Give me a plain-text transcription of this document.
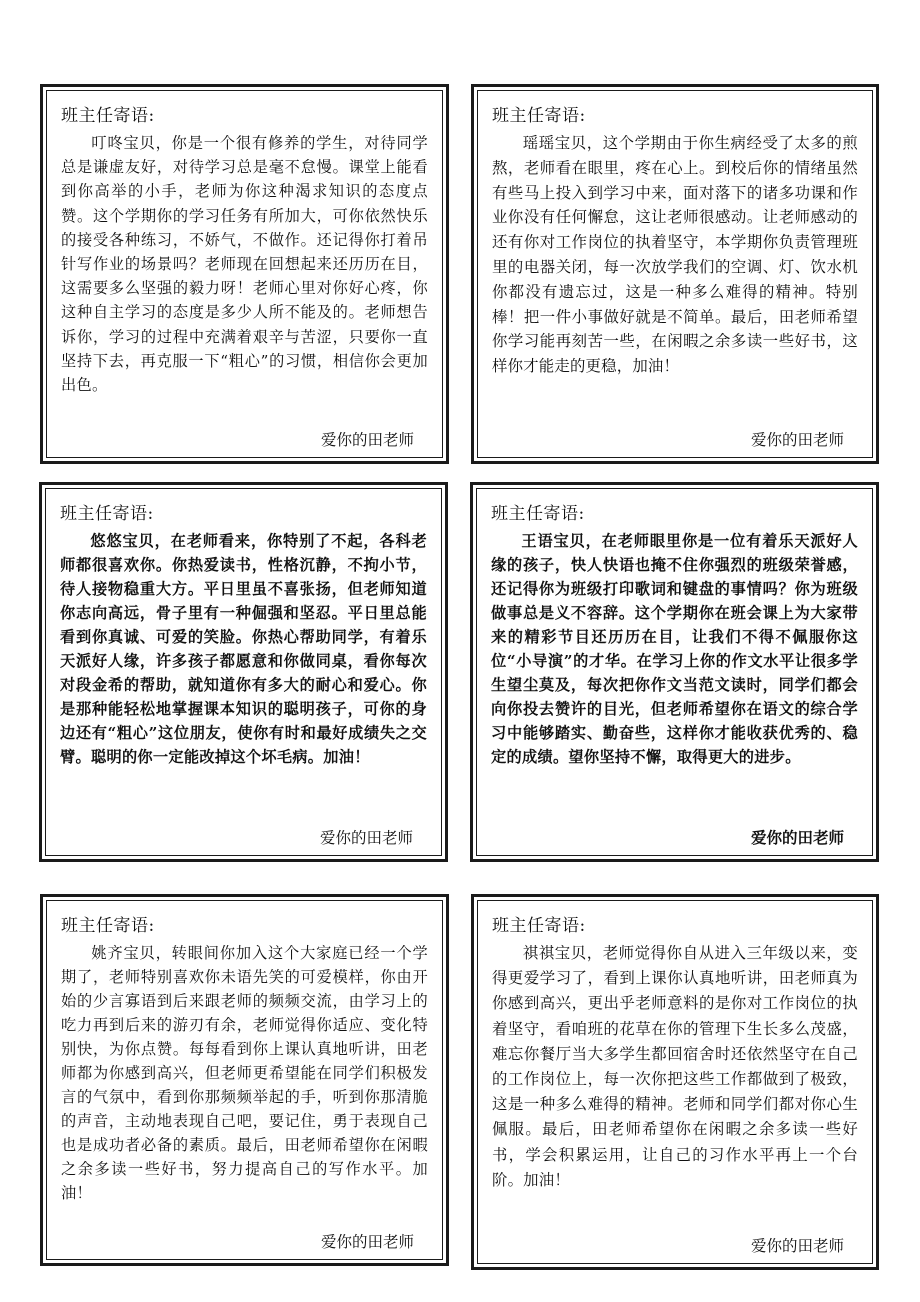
班主任寄语:

叮咚宝贝，你是一个很有修养的学生，对待同学总是谦虚友好，对待学习总是毫不怠慢。课堂上能看到你高举的小手，老师为你这种渴求知识的态度点赞。这个学期你的学习任务有所加大，可你依然快乐的接受各种练习，不娇气，不做作。还记得你打着吊针写作业的场景吗？老师现在回想起来还历历在目，这需要多么坚强的毅力呀！老师心里对你好心疼，你这种自主学习的态度是多少人所不能及的。老师想告诉你，学习的过程中充满着艰辛与苦涩，只要你一直坚持下去，再克服一下“粗心”的习惯，相信你会更加出色。

爱你的田老师

班主任寄语:

瑶瑶宝贝，这个学期由于你生病经受了太多的煎熬，老师看在眼里，疼在心上。到校后你的情绪虽然有些马上投入到学习中来，面对落下的诸多功课和作业你没有任何懈怠，这让老师很感动。让老师感动的还有你对工作岗位的执着坚守，本学期你负责管理班里的电器关闭，每一次放学我们的空调、灯、饮水机你都没有遗忘过，这是一种多么难得的精神。特别棒！把一件小事做好就是不简单。最后，田老师希望你学习能再刻苦一些，在闲暇之余多读一些好书，这样你才能走的更稳，加油！

爱你的田老师

班主任寄语:

悠悠宝贝，在老师看来，你特别了不起，各科老师都很喜欢你。你热爱读书，性格沉静，不拘小节，待人接物稳重大方。平日里虽不喜张扬，但老师知道你志向高远，骨子里有一种倔强和坚忍。平日里总能看到你真诚、可爱的笑脸。你热心帮助同学，有着乐天派好人缘，许多孩子都愿意和你做同桌，看你每次对段金希的帮助，就知道你有多大的耐心和爱心。你是那种能轻松地掌握课本知识的聪明孩子，可你的身边还有“粗心”这位朋友，使你有时和最好成绩失之交臂。聪明的你一定能改掉这个坏毛病。加油！

爱你的田老师

班主任寄语:

王语宝贝，在老师眼里你是一位有着乐天派好人缘的孩子，快人快语也掩不住你强烈的班级荣誉感，还记得你为班级打印歌词和键盘的事情吗？你为班级做事总是义不容辞。这个学期你在班会课上为大家带来的精彩节目还历历在目，让我们不得不佩服你这位“小导演”的才华。在学习上你的作文水平让很多学生望尘莫及，每次把你作文当范文读时，同学们都会向你投去赞许的目光，但老师希望你在语文的综合学习中能够踏实、勤奋些，这样你才能收获优秀的、稳定的成绩。望你坚持不懈，取得更大的进步。

爱你的田老师

班主任寄语:

姚齐宝贝，转眼间你加入这个大家庭已经一个学期了，老师特别喜欢你未语先笑的可爱模样，你由开始的少言寡语到后来跟老师的频频交流，由学习上的吃力再到后来的游刃有余，老师觉得你适应、变化特别快，为你点赞。每每看到你上课认真地听讲，田老师都为你感到高兴，但老师更希望能在同学们积极发言的气氛中，看到你那频频举起的手，听到你那清脆的声音，主动地表现自己吧，要记住，勇于表现自己也是成功者必备的素质。最后，田老师希望你在闲暇之余多读一些好书，努力提高自己的写作水平。加油！

爱你的田老师

班主任寄语:

祺祺宝贝，老师觉得你自从进入三年级以来，变得更爱学习了，看到上课你认真地听讲，田老师真为你感到高兴，更出乎老师意料的是你对工作岗位的执着坚守，看咱班的花草在你的管理下生长多么茂盛，难忘你餐厅当大多学生都回宿舍时还依然坚守在自己的工作岗位上，每一次你把这些工作都做到了极致，这是一种多么难得的精神。老师和同学们都对你心生佩服。最后，田老师希望你在闲暇之余多读一些好书，学会积累运用，让自己的习作水平再上一个台阶。加油！

爱你的田老师
